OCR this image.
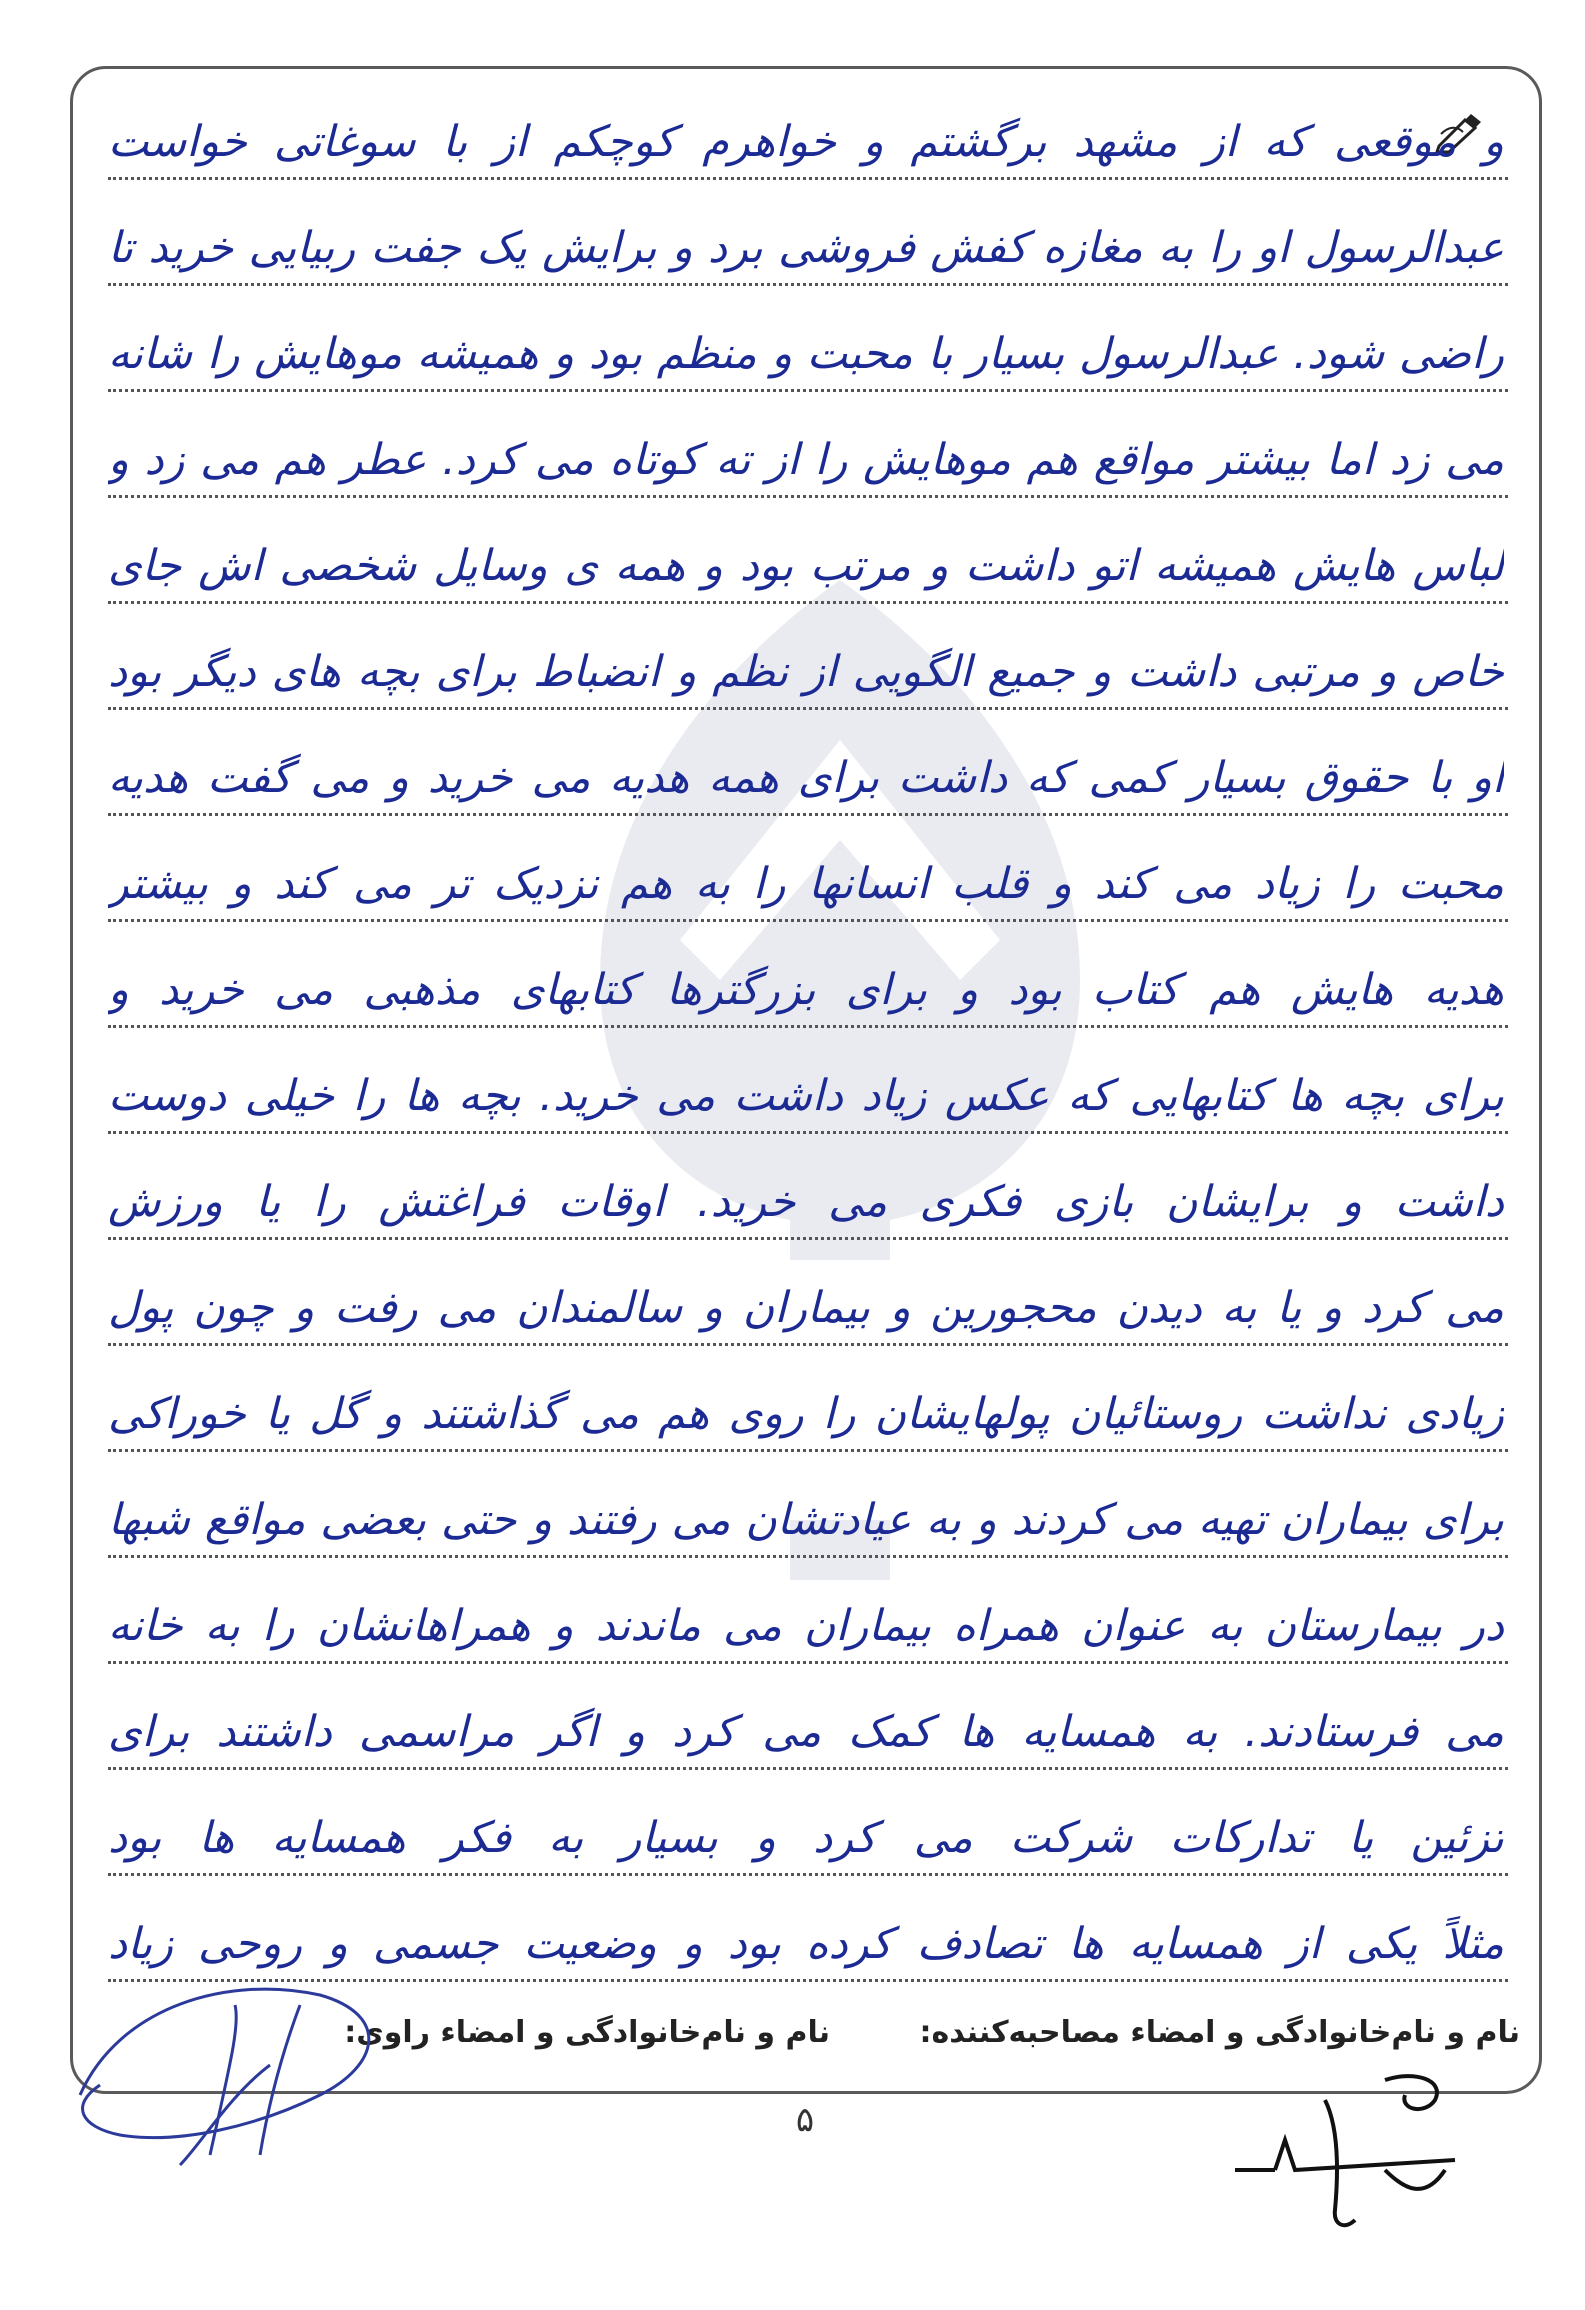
و موقعی که از مشهد برگشتم و خواهرم کوچکم از با سوغاتی خواست
عبدالرسول او را به مغازه کفش فروشی برد و برایش یک جفت ربیایی خرید تا
راضی شود. عبدالرسول بسیار با محبت و منظم بود و همیشه موهایش را شانه
می زد اما بیشتر مواقع هم موهایش را از ته کوتاه می کرد. عطر هم می زد و
لباس هایش همیشه اتو داشت و مرتب بود و همه ی وسایل شخصی اش جای
خاص و مرتبی داشت و جمیع الگویی از نظم و انضباط برای بچه های دیگر بود
او با حقوق بسیار کمی که داشت برای همه هدیه می خرید و می گفت هدیه
محبت را زیاد می کند و قلب انسانها را به هم نزدیک تر می کند و بیشتر
هدیه هایش هم کتاب بود و برای بزرگترها کتابهای مذهبی می خرید و
برای بچه ها کتابهایی که عکس زیاد داشت می خرید. بچه ها را خیلی دوست
داشت و برایشان بازی فکری می خرید. اوقات فراغتش را یا ورزش
می کرد و یا به دیدن محجورین و بیماران و سالمندان می رفت و چون پول
زیادی نداشت روستائیان پولهایشان را روی هم می گذاشتند و گل یا خوراکی
برای بیماران تهیه می کردند و به عیادتشان می رفتند و حتی بعضی مواقع شبها
در بیمارستان به عنوان همراه بیماران می ماندند و همراهانشان را به خانه
می فرستادند. به همسایه ها کمک می کرد و اگر مراسمی داشتند برای
تزئین یا تدارکات شرکت می کرد و بسیار به فکر همسایه ها بود
مثلاً یکی از همسایه ها تصادف کرده بود و وضعیت جسمی و روحی زیاد
نام و نام‌خانوادگی و امضاء مصاحبه‌کننده:
نام و نام‌خانوادگی و امضاء راوی:
۵
